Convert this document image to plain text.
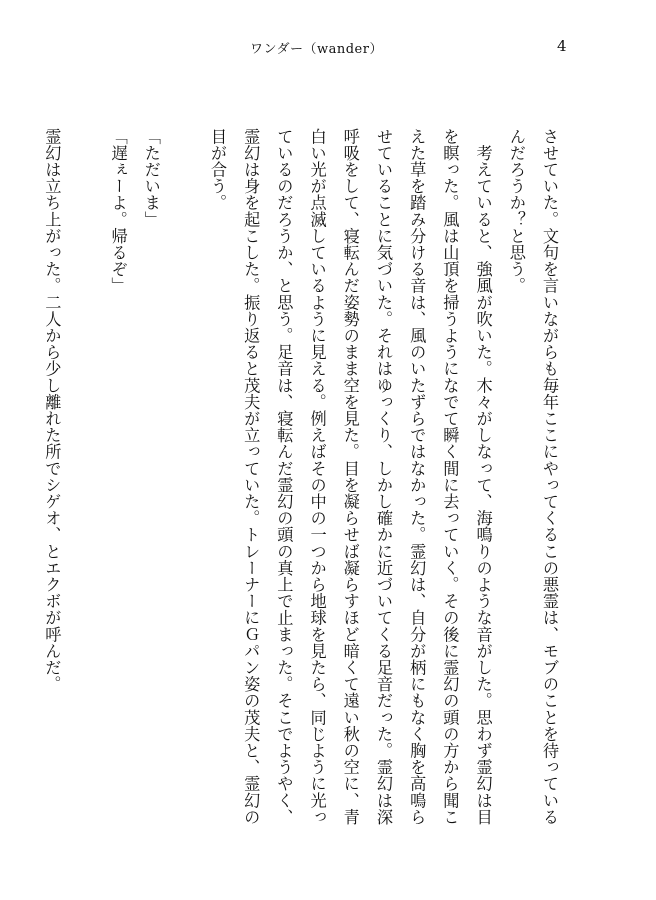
ワンダー（wander）	4
させていた。文句を言いながらも毎年ここにやってくるこの悪霊は、モブのことを待っている
んだろうか？と思う。
　考えていると、強風が吹いた。木々がしなって、海鳴りのような音がした。思わず霊幻は目
を瞑った。風は山頂を掃うようになでて瞬く間に去っていく。その後に霊幻の頭の方から聞こ
えた草を踏み分ける音は、風のいたずらではなかった。霊幻は、自分が柄にもなく胸を高鳴ら
せていることに気づいた。それはゆっくり、しかし確かに近づいてくる足音だった。霊幻は深
呼吸をして、寝転んだ姿勢のまま空を見た。目を凝らせば凝らすほど暗くて遠い秋の空に、青
白い光が点滅しているように見える。例えばその中の一つから地球を見たら、同じように光っ
ているのだろうか、と思う。足音は、寝転んだ霊幻の頭の真上で止まった。そこでようやく、
霊幻は身を起こした。振り返ると茂夫が立っていた。トレーナーにＧパン姿の茂夫と、霊幻の
目が合う。
「ただいま」
「遅ぇーよ。帰るぞ」
霊幻は立ち上がった。二人から少し離れた所でシゲオ、とエクボが呼んだ。
